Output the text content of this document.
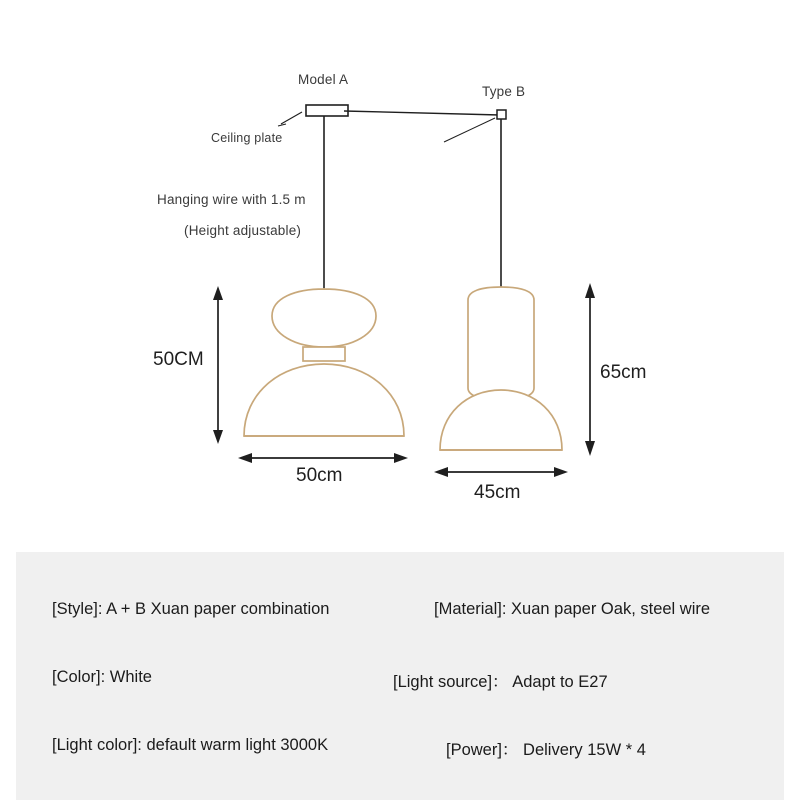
Model A
Type B
Ceiling plate
Hanging wire with 1.5 m
(Height adjustable)
50CM
50cm
65cm
45cm
[Style]: A + B Xuan paper combination	[Material]: Xuan paper Oak, steel wire
[Color]: White	[Light source]： Adapt to E27
[Light color]: default warm light 3000K	[Power]： Delivery 15W * 4
